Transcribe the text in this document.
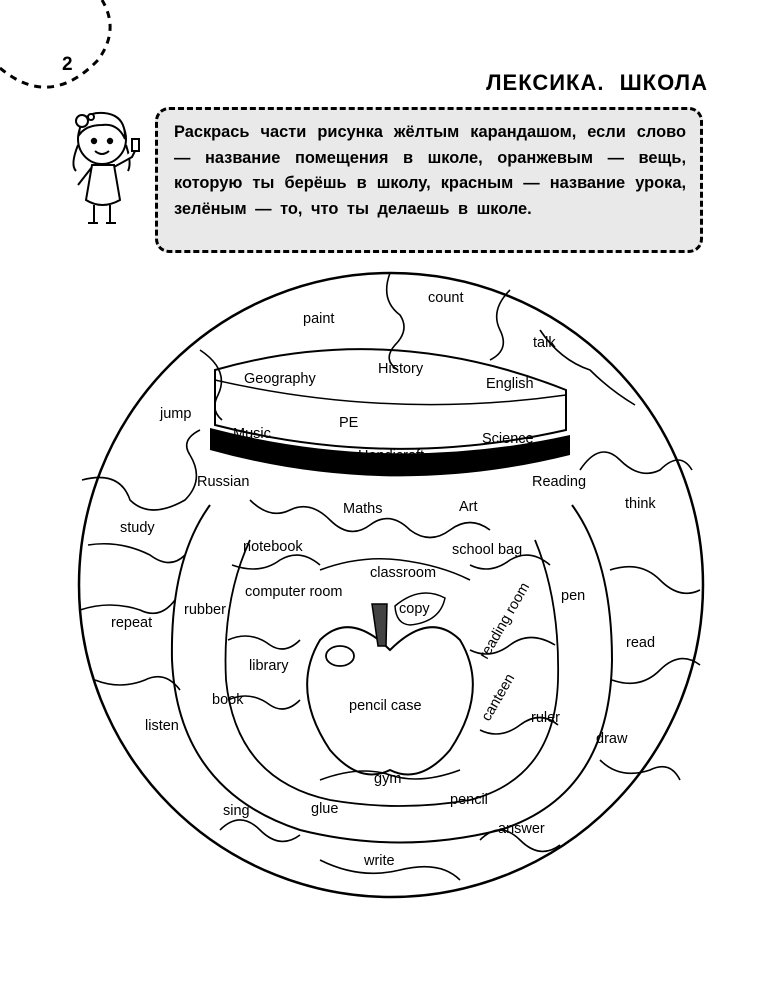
2
ЛЕКСИКА. ШКОЛА
Раскрась части рисунка жёлтым карандашом, если слово — название помещения в школе, оранжевым — вещь, которую ты берёшь в школу, красным — название урока, зелёным — то, что ты делаешь в школе.
count
paint
talk
History
Geography	English
jump
PE
Music	Science
Handicraft
Russian	Reading
think
study
Maths	Art
notebook	school bag
classroom
computer room
rubber	copy	reading room pen
repeat
library
read
book	pencil case	canteen ruler
listen
draw
gym
sing	glue
pencil
answer
write
